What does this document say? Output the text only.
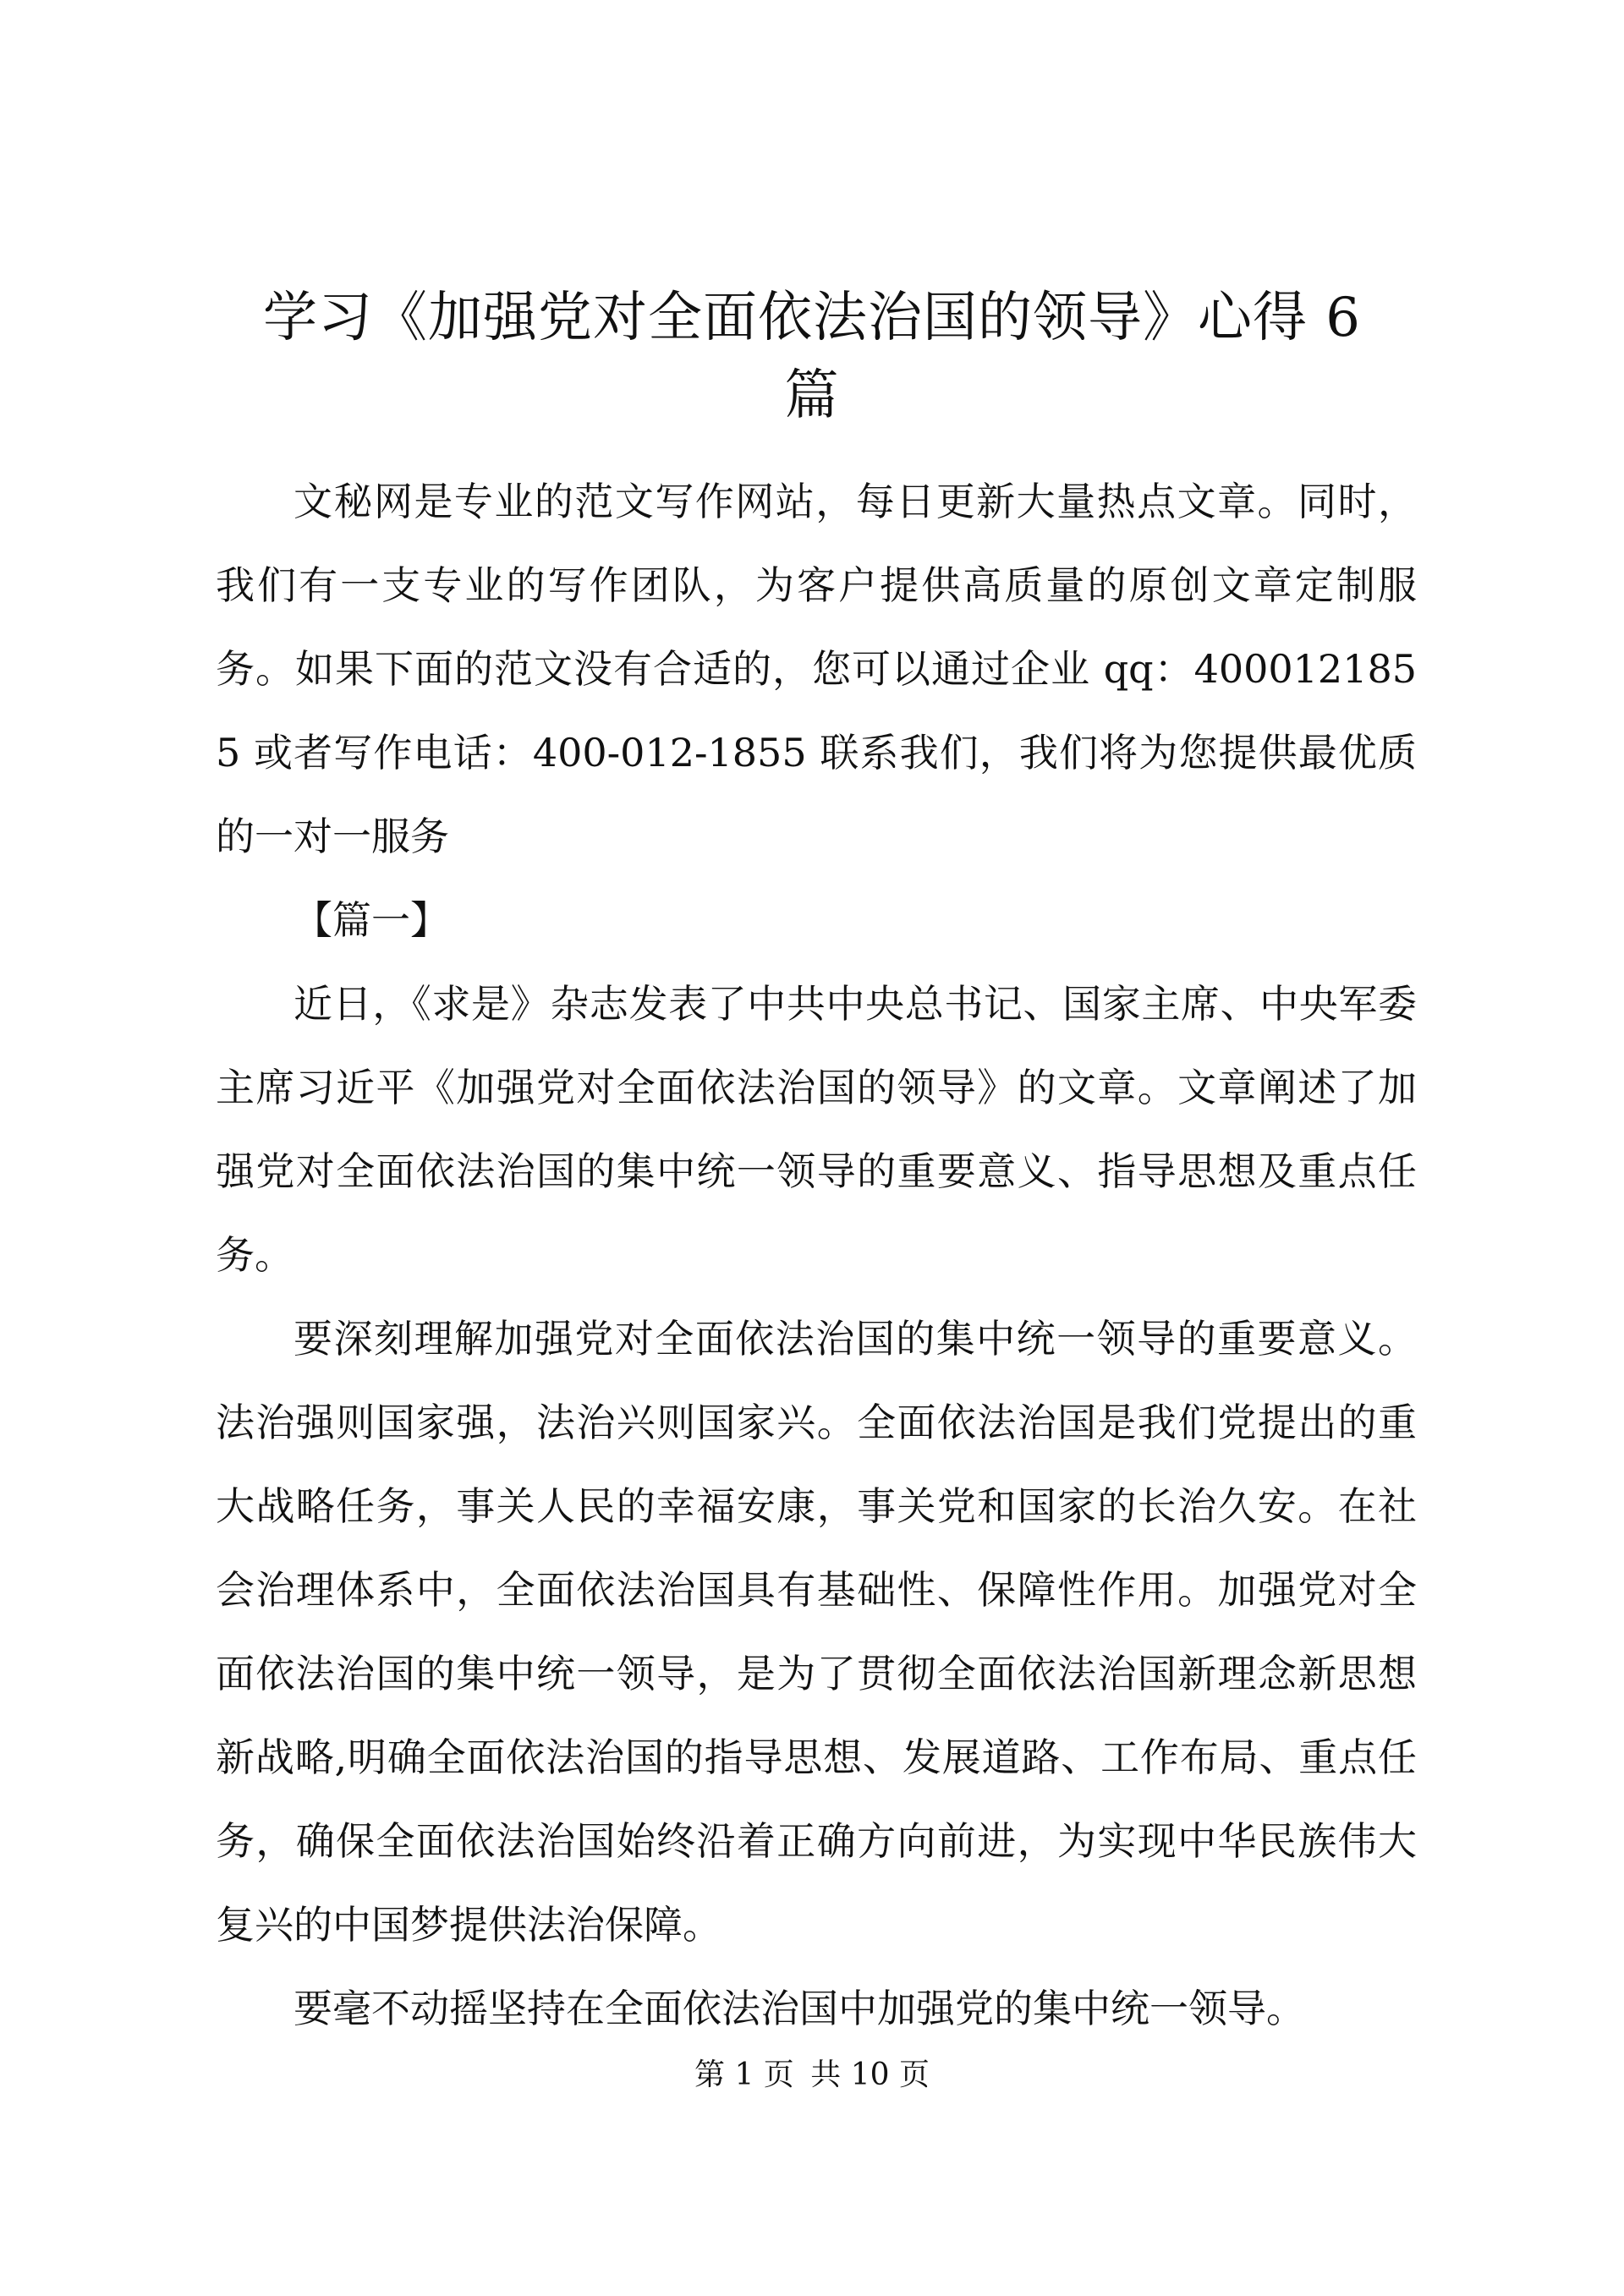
学习《加强党对全面依法治国的领导》心得 6
篇

文秘网是专业的范文写作网站，每日更新大量热点文章。同时，我们有一支专业的写作团队，为客户提供高质量的原创文章定制服务。如果下面的范文没有合适的，您可以通过企业 qq：4000121855 或者写作电话：400-012-1855 联系我们，我们将为您提供最优质的一对一服务

【篇一】

近日，《求是》杂志发表了中共中央总书记、国家主席、中央军委主席习近平《加强党对全面依法治国的领导》的文章。文章阐述了加强党对全面依法治国的集中统一领导的重要意义、指导思想及重点任务。

要深刻理解加强党对全面依法治国的集中统一领导的重要意义。法治强则国家强，法治兴则国家兴。全面依法治国是我们党提出的重大战略任务，事关人民的幸福安康，事关党和国家的长治久安。在社会治理体系中，全面依法治国具有基础性、保障性作用。加强党对全面依法治国的集中统一领导，是为了贯彻全面依法治国新理念新思想新战略,明确全面依法治国的指导思想、发展道路、工作布局、重点任务，确保全面依法治国始终沿着正确方向前进，为实现中华民族伟大复兴的中国梦提供法治保障。

要毫不动摇坚持在全面依法治国中加强党的集中统一领导。

第 1 页 共 10 页
